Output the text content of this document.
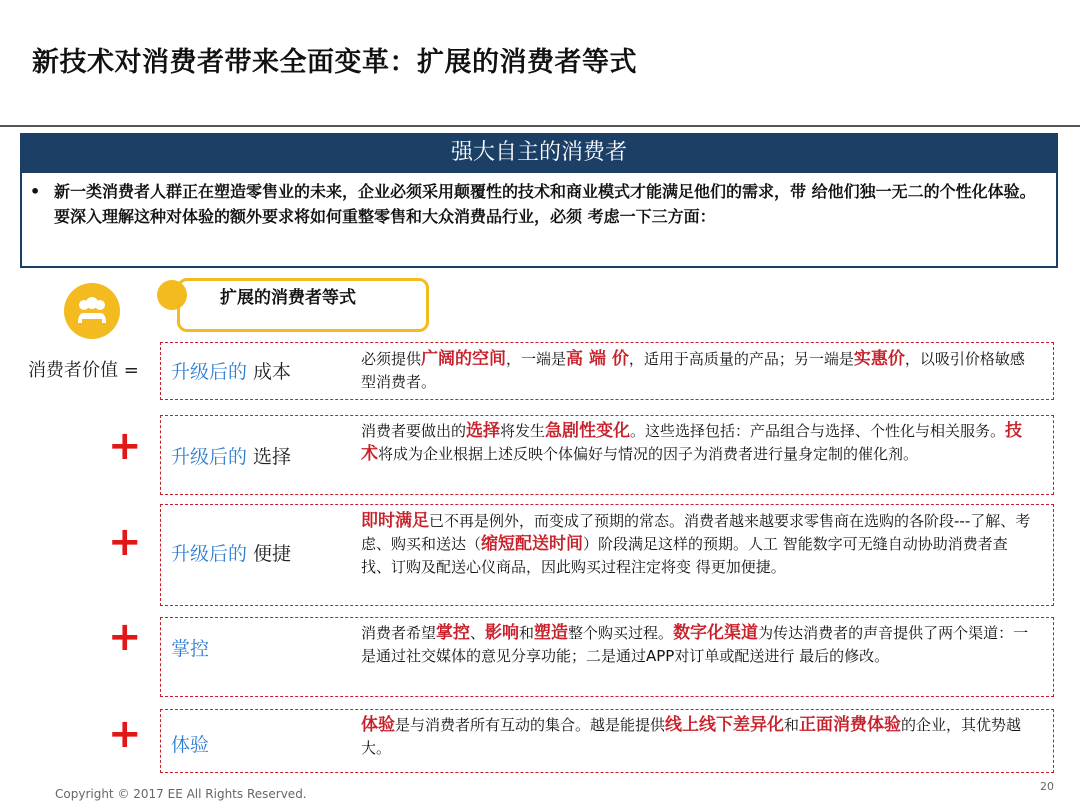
新技术对消费者带来全面变革：扩展的消费者等式
强大自主的消费者
• 新一类消费者人群正在塑造零售业的未来，企业必须采用颠覆性的技术和商业模式才能满足他们的需求，带 给他们独一无二的个性化体验。要深入理解这种对体验的额外要求将如何重整零售和大众消费品行业，必须 考虑一下三方面：
扩展的消费者等式
消费者价值 =
+
+
+
+
升级后的 成本
必须提供广阔的空间，一端是高 端 价，适用于高质量的产品；另一端是实惠价，以吸引价格敏感型消费者。
升级后的 选择
消费者要做出的选择将发生急剧性变化。这些选择包括：产品组合与选择、个性化与相关服务。技术将成为企业根据上述反映个体偏好与情况的因子为消费者进行量身定制的催化剂。
升级后的 便捷
即时满足已不再是例外，而变成了预期的常态。消费者越来越要求零售商在选购的各阶段---了解、考虑、购买和送达（缩短配送时间）阶段满足这样的预期。人工 智能数字可无缝自动协助消费者查找、订购及配送心仪商品，因此购买过程注定将变 得更加便捷。
掌控
消费者希望掌控、影响和塑造整个购买过程。数字化渠道为传达消费者的声音提供了两个渠道：一是通过社交媒体的意见分享功能；二是通过APP对订单或配送进行 最后的修改。
体验
体验是与消费者所有互动的集合。越是能提供线上线下差异化和正面消费体验的企业，其优势越大。
Copyright © 2017 EE All Rights Reserved.
20
